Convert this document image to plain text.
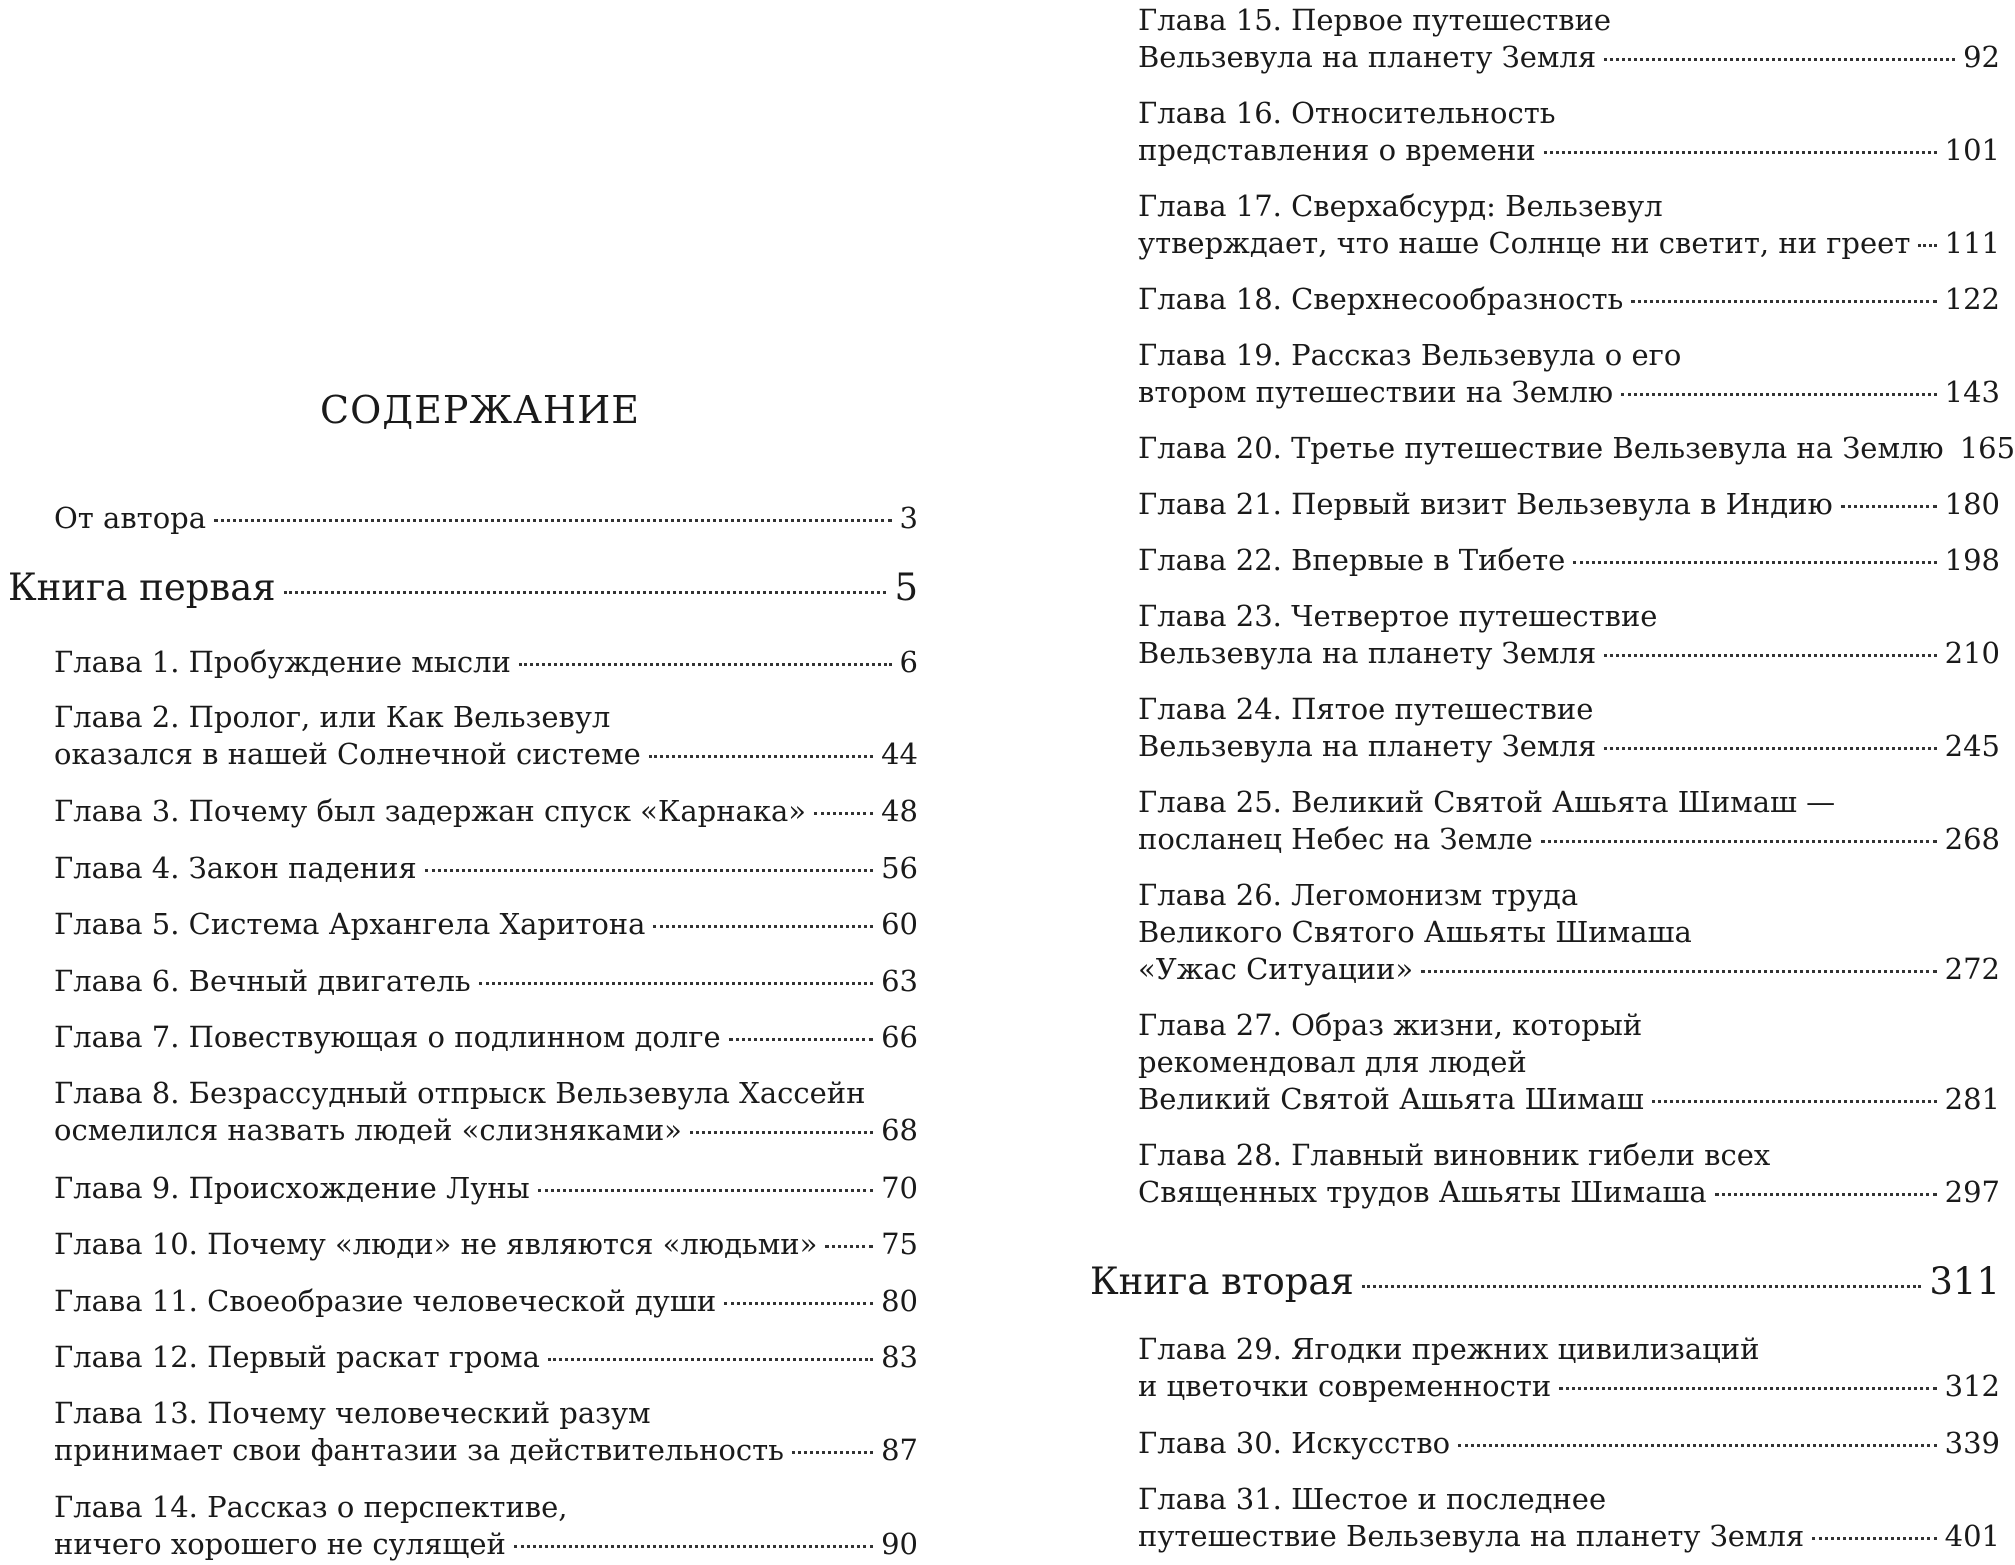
СОДЕРЖАНИЕ
От автора	3
Книга первая	5
Глава 1. Пробуждение мысли	6
Глава 2. Пролог, или Как Вельзевул
оказался в нашей Солнечной системе	44
Глава 3. Почему был задержан спуск «Карнака»	48
Глава 4. Закон падения	56
Глава 5. Система Архангела Харитона	60
Глава 6. Вечный двигатель	63
Глава 7. Повествующая о подлинном долге	66
Глава 8. Безрассудный отпрыск Вельзевула Хассейн
осмелился назвать людей «слизняками»	68
Глава 9. Происхождение Луны	70
Глава 10. Почему «люди» не являются «людьми» 75
Глава 11. Своеобразие человеческой души	80
Глава 12. Первый раскат грома	83
Глава 13. Почему человеческий разум
принимает свои фантазии за действительность	87
Глава 14. Рассказ о перспективе,
ничего хорошего не сулящей	90
Глава 15. Первое путешествие
Вельзевула на планету Земля	92
Глава 16. Относительность
представления о времени	101
Глава 17. Сверхабсурд: Вельзевул
утверждает, что наше Солнце ни светит, ни греет 111
Глава 18. Сверхнесообразность	122
Глава 19. Рассказ Вельзевула о его
втором путешествии на Землю	143
Глава 20. Третье путешествие Вельзевула на Землю 165
Глава 21. Первый визит Вельзевула в Индию	180
Глава 22. Впервые в Тибете	198
Глава 23. Четвертое путешествие
Вельзевула на планету Земля	210
Глава 24. Пятое путешествие
Вельзевула на планету Земля	245
Глава 25. Великий Святой Ашьята Шимаш —
посланец Небес на Земле	268
Глава 26. Легомонизм труда
Великого Святого Ашьяты Шимаша
«Ужас Ситуации»	272
Глава 27. Образ жизни, который
рекомендовал для людей
Великий Святой Ашьята Шимаш	281
Глава 28. Главный виновник гибели всех
Священных трудов Ашьяты Шимаша	297
Книга вторая	311
Глава 29. Ягодки прежних цивилизаций
и цветочки современности	312
Глава 30. Искусство	339
Глава 31. Шестое и последнее
путешествие Вельзевула на планету Земля	401
